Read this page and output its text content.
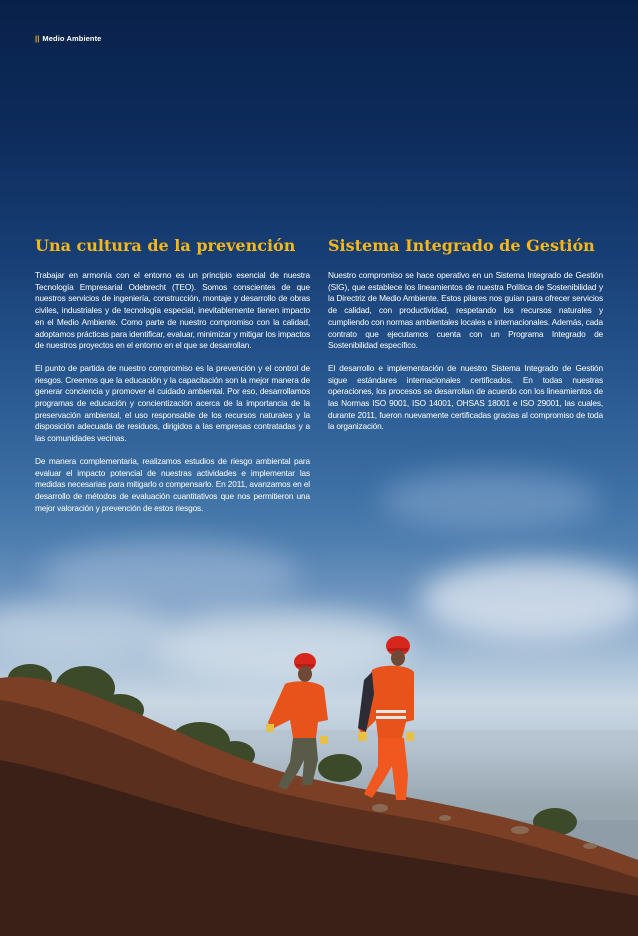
|| Medio Ambiente
Una cultura de la prevención Sistema Integrado de Gestión

Trabajar en armonía con el entorno es un principio esencial de nuestra Tecnología Empresarial Odebrecht (TEO). Somos conscientes de que nuestros servicios de ingeniería, construcción, montaje y desarrollo de obras civiles, industriales y de tecnología especial, inevitablemente tienen impacto en el Medio Ambiente. Como parte de nuestro compromiso con la calidad, adoptamos prácticas para identificar, evaluar, minimizar y mitigar los impactos de nuestros proyectos en el entorno en el que se desarrollan.

El punto de partida de nuestro compromiso es la prevención y el control de riesgos. Creemos que la educación y la capacitación son la mejor manera de generar conciencia y promover el cuidado ambiental. Por eso, desarrollamos programas de educación y concientización acerca de la importancia de la preservación ambiental, el uso responsable de los recursos naturales y la disposición adecuada de residuos, dirigidos a las empresas contratadas y a las comunidades vecinas.

De manera complementaria, realizamos estudios de riesgo ambiental para evaluar el impacto potencial de nuestras actividades e implementar las medidas necesarias para mitigarlo o compensarlo. En 2011, avanzamos en el desarrollo de métodos de evaluación cuantitativos que nos permitieron una mejor valoración y prevención de estos riesgos.

Nuestro compromiso se hace operativo en un Sistema Integrado de Gestión (SIG), que establece los lineamientos de nuestra Política de Sostenibilidad y la Directriz de Medio Ambiente. Estos pilares nos guían para ofrecer servicios de calidad, con productividad, respetando los recursos naturales y cumpliendo con normas ambientales locales e internacionales. Además, cada contrato que ejecutamos cuenta con un Programa Integrado de Sostenibilidad específico.

El desarrollo e implementación de nuestro Sistema Integrado de Gestión sigue estándares internacionales certificados. En todas nuestras operaciones, los procesos se desarrollan de acuerdo con los lineamientos de las Normas ISO 9001, ISO 14001, OHSAS 18001 e ISO 29001, las cuales, durante 2011, fueron nuevamente certificadas gracias al compromiso de toda la organización.
